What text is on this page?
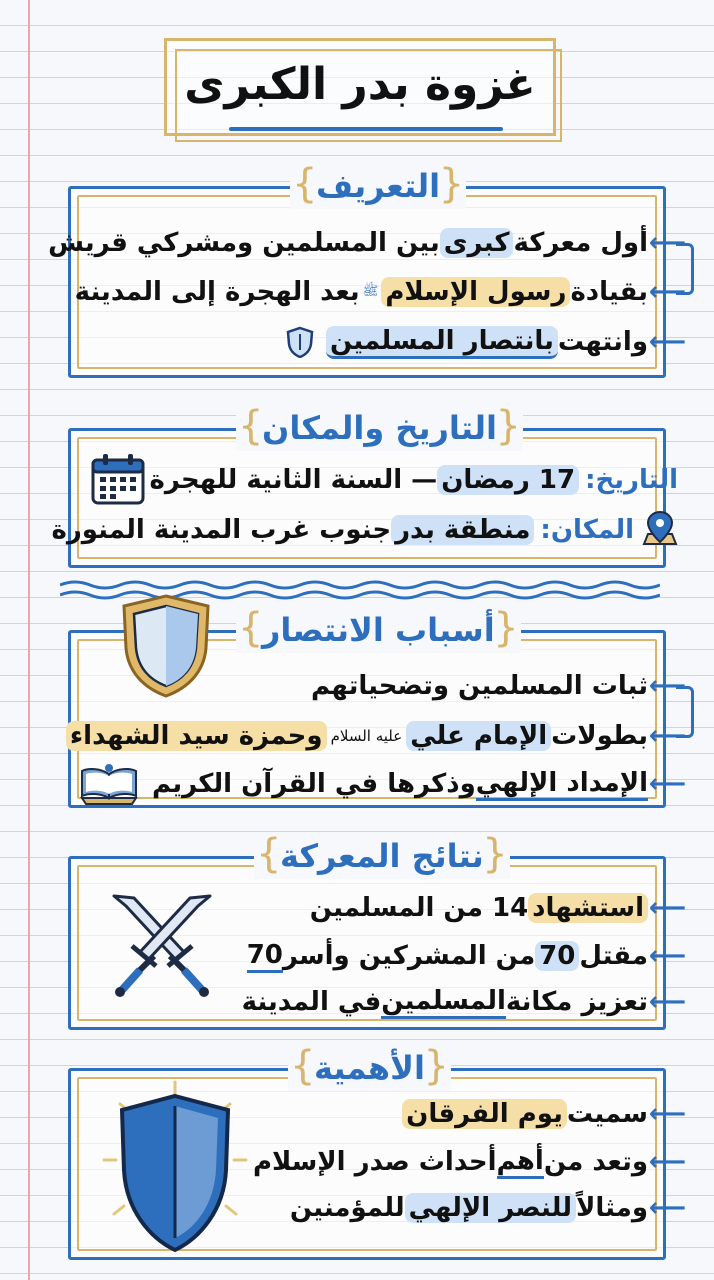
غزوة بدر الكبرى
{ التعريف }
⟵
أول معركة
كبرى
بين المسلمين ومشركي قريش
⟵
بقيادة
رسول الإسلام
ﷺ
بعد الهجرة إلى المدينة
⟵
وانتهت
بانتصار المسلمين
{ التاريخ والمكان }
التاريخ:
17 رمضان
— السنة الثانية للهجرة
المكان:
منطقة بدر
جنوب غرب المدينة المنورة
{ أسباب الانتصار }
⟵
ثبات المسلمين وتضحياتهم
⟵
بطولات
الإمام علي
عليه السلام
وحمزة سيد الشهداء
⟵
الإمداد الإلهي
وذكرها في القرآن الكريم
{ نتائج المعركة }
⟵
استشهاد
14 من المسلمين
⟵
مقتل
70
من المشركين وأسر
70
⟵
تعزيز مكانة
المسلمين
في المدينة
{ الأهمية }
⟵
سميت
يوم الفرقان
⟵
وتعد من
أهم
أحداث صدر الإسلام
⟵
ومثالاً
للنصر الإلهي
للمؤمنين
